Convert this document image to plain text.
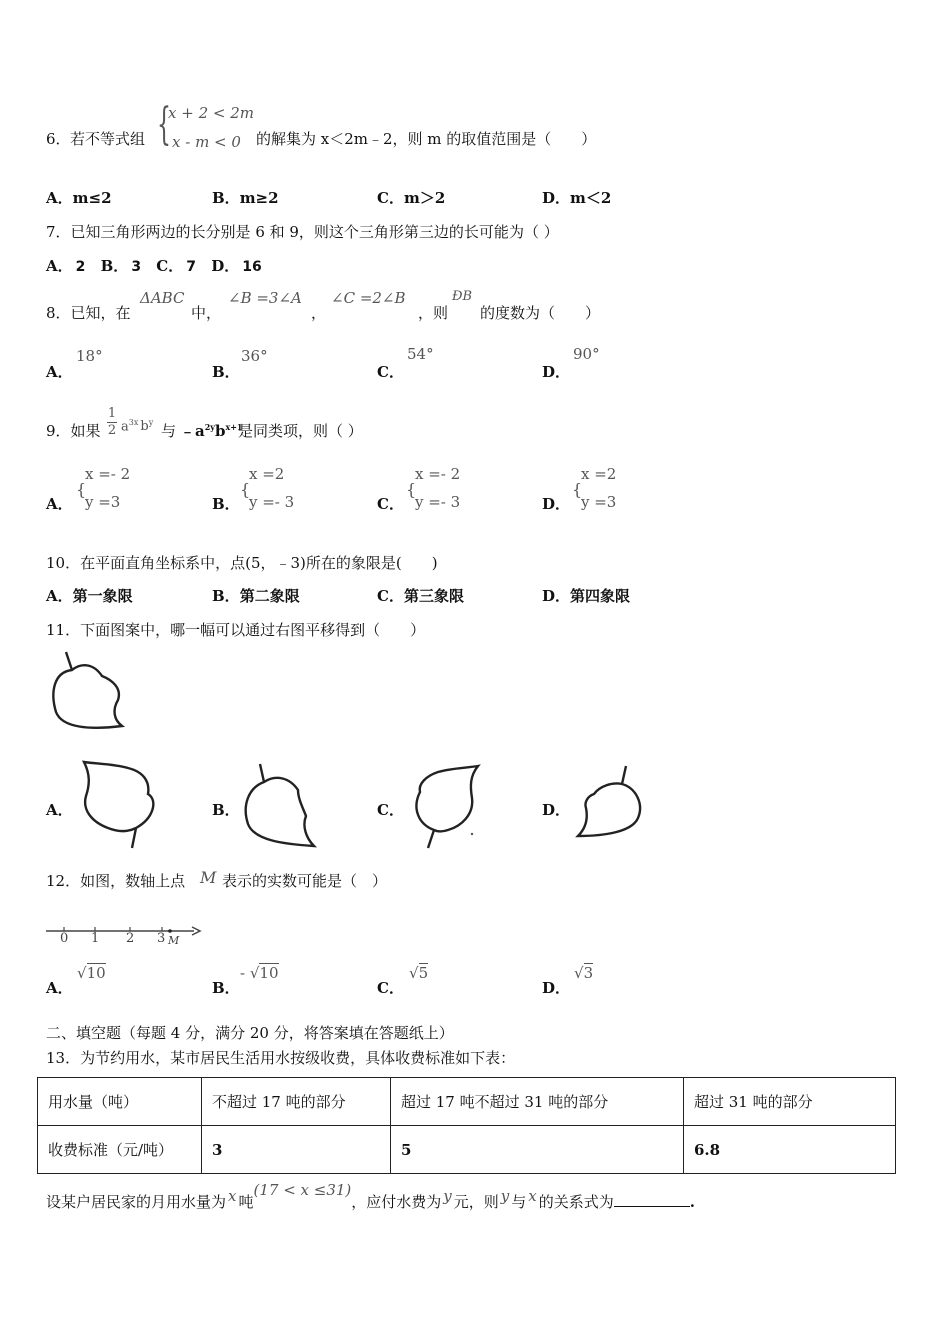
6． 若不等式组 {
x + 2 < 2m
x - m < 0 的解集为 x＜2m﹣2，则 m 的取值范围是（　　）
A．m≤2	B．m≥2	C．m＞2	D．m＜2
7．已知三角形两边的长分别是 6 和 9，则这个三角形第三边的长可能为（ ）
A． 2 B． 3 C． 7 D． 16
8．已知，在
ΔABC
中，
∠B =3∠A
，
∠C =2∠B
，则
ÐB
的度数为（　　）
A．
18°
B．
36°
C．
54°
D．
90°
9．如果
1
2 $a^{3x}$ $b^y$ 与 $﹣a^{2y}b^{x+1}$
是同类项，则（ ）
A．
{
x =- 2
y =3	B．
{
x =2
y =- 3	C．
{
x =- 2
y =- 3	D．
{
x =2
y =3
10．在平面直角坐标系中，点(5，﹣3)所在的象限是(　　)
A．第一象限	B．第二象限	C．第三象限	D．第四象限
11．下面图案中，哪一幅可以通过右图平移得到（　　）
A．	B．	C．	D．
12．如图，数轴上点 M 表示的实数可能是（　）
0 1 2 3 M
A．
√10
B．
- √10
C．
√5
D．
√3
二、填空题（每题 4 分，满分 20 分，将答案填在答题纸上）
13．为节约用水，某市居民生活用水按级收费，具体收费标准如下表：
用水量（吨）	不超过 17 吨的部分	超过 17 吨不超过 31 吨的部分	超过 31 吨的部分
收费标准（元/吨）	3	5	6.8
设某户居民家的月用水量为 x 吨(17 < x ≤31)，应付水费为 y 元，则 y 与 x 的关系式为	.
